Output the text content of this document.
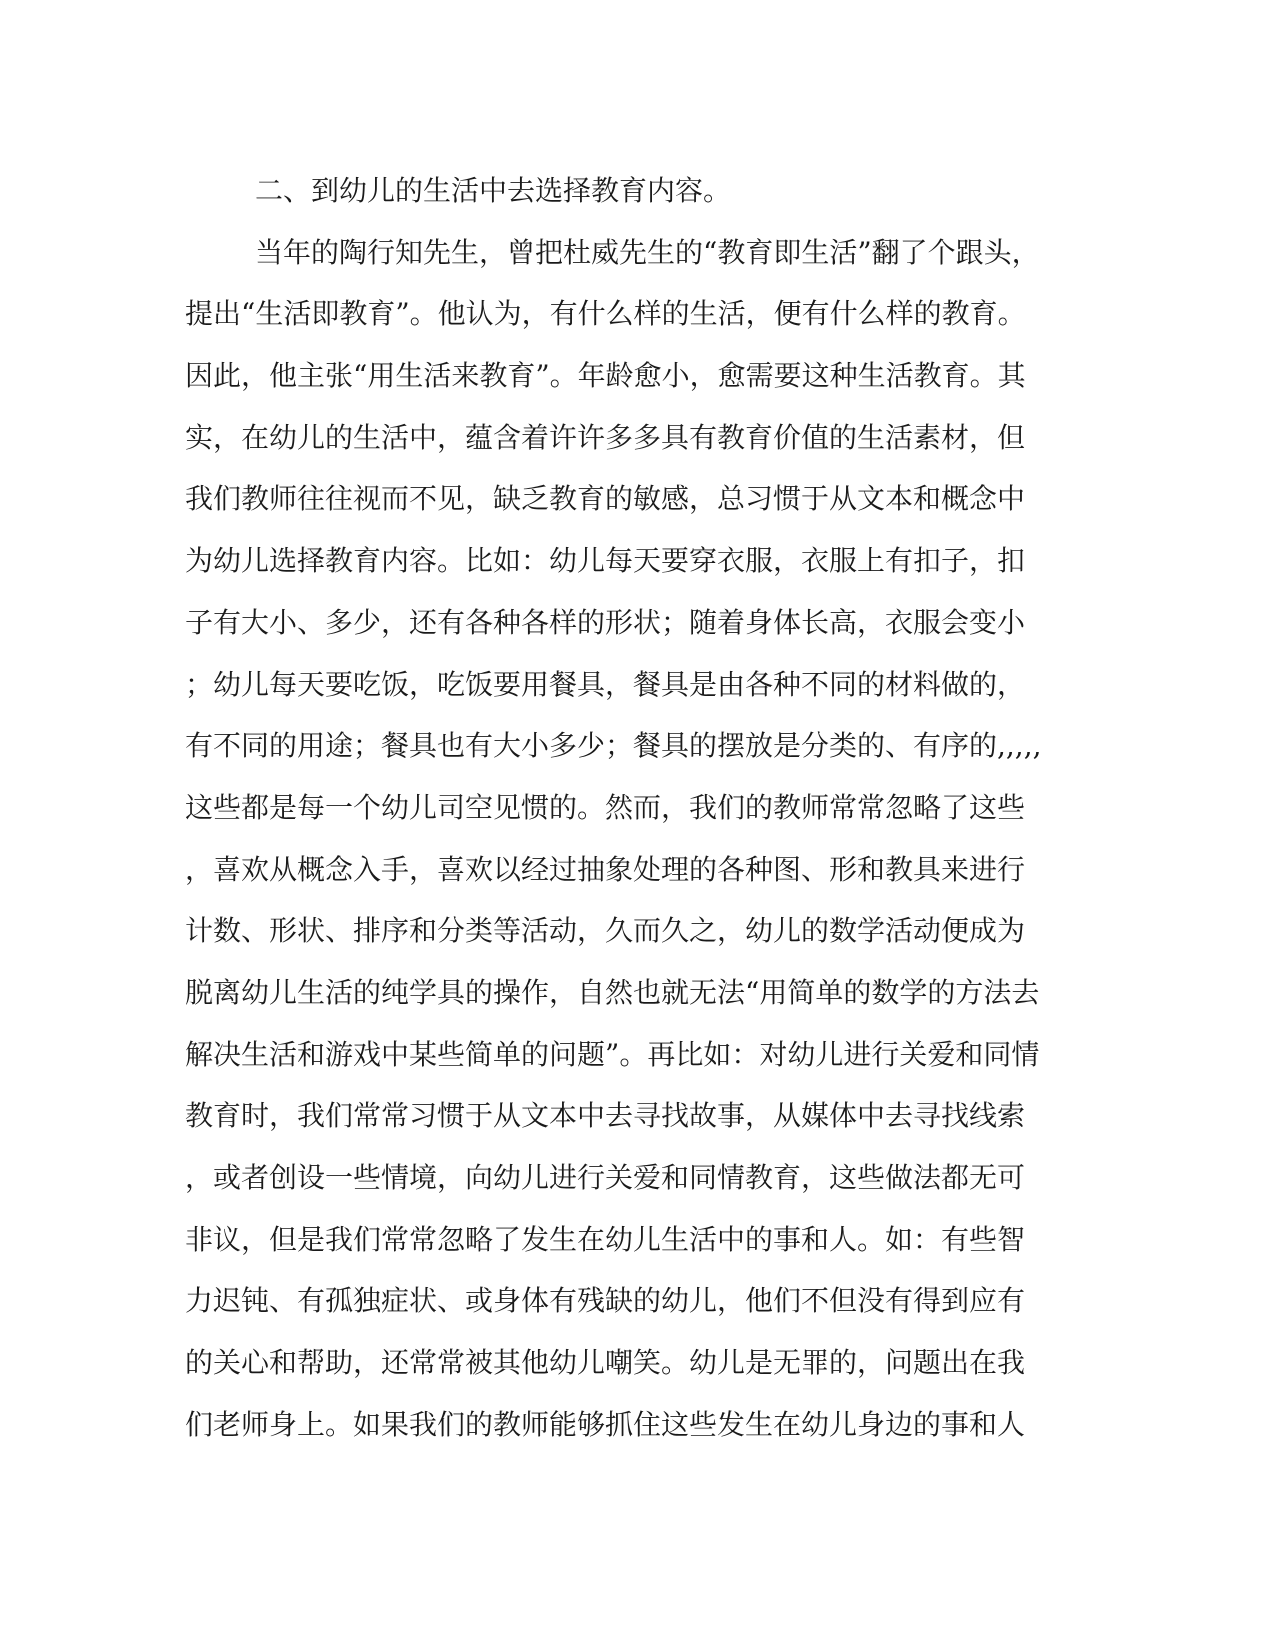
二、到幼儿的生活中去选择教育内容。
当年的陶行知先生，曾把杜威先生的“教育即生活”翻了个跟头，
提出“生活即教育”。他认为，有什么样的生活，便有什么样的教育。
因此，他主张“用生活来教育”。年龄愈小，愈需要这种生活教育。其
实，在幼儿的生活中，蕴含着许许多多具有教育价值的生活素材，但
我们教师往往视而不见，缺乏教育的敏感，总习惯于从文本和概念中
为幼儿选择教育内容。比如：幼儿每天要穿衣服，衣服上有扣子，扣
子有大小、多少，还有各种各样的形状；随着身体长高，衣服会变小
；幼儿每天要吃饭，吃饭要用餐具，餐具是由各种不同的材料做的，
有不同的用途；餐具也有大小多少；餐具的摆放是分类的、有序的,,,,,
这些都是每一个幼儿司空见惯的。然而，我们的教师常常忽略了这些
，喜欢从概念入手，喜欢以经过抽象处理的各种图、形和教具来进行
计数、形状、排序和分类等活动，久而久之，幼儿的数学活动便成为
脱离幼儿生活的纯学具的操作，自然也就无法“用简单的数学的方法去
解决生活和游戏中某些简单的问题”。再比如：对幼儿进行关爱和同情
教育时，我们常常习惯于从文本中去寻找故事，从媒体中去寻找线索
，或者创设一些情境，向幼儿进行关爱和同情教育，这些做法都无可
非议，但是我们常常忽略了发生在幼儿生活中的事和人。如：有些智
力迟钝、有孤独症状、或身体有残缺的幼儿，他们不但没有得到应有
的关心和帮助，还常常被其他幼儿嘲笑。幼儿是无罪的，问题出在我
们老师身上。如果我们的教师能够抓住这些发生在幼儿身边的事和人
